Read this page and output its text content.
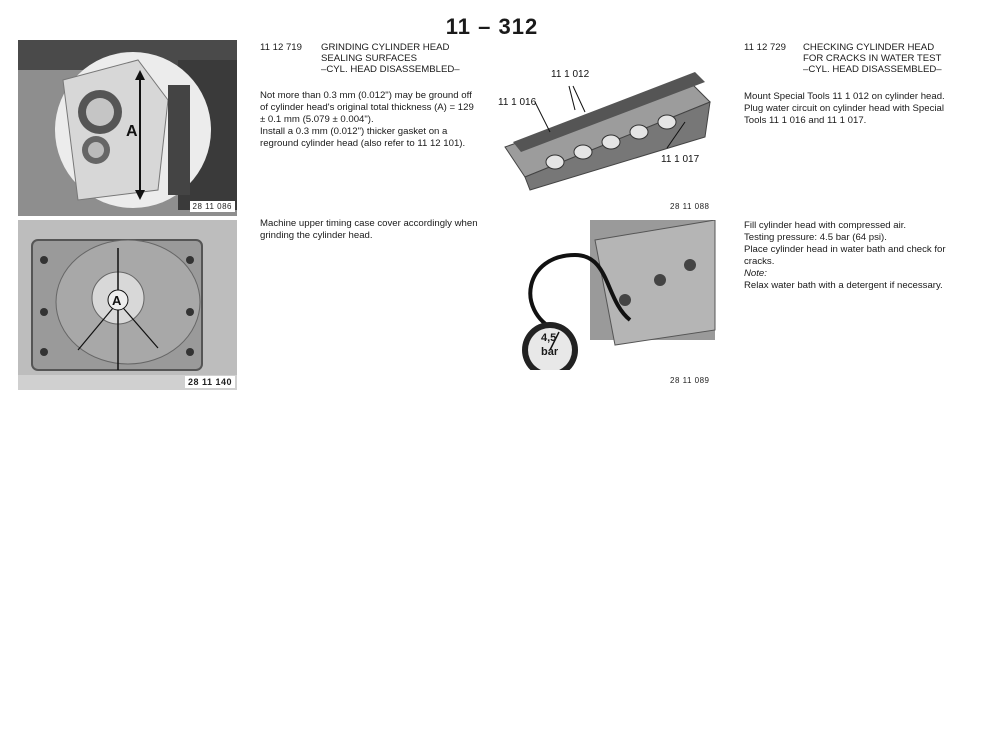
11 – 312
A
28 11 086
A
28 11 140
11 12 719 GRINDING CYLINDER HEAD
SEALING SURFACES
–CYL. HEAD DISASSEMBLED–

Not more than 0.3 mm (0.012") may be ground off of cylinder head's original total thickness (A) = 129 ± 0.1 mm (5.079 ± 0.004").

Install a 0.3 mm (0.012") thicker gasket on a reground cylinder head (also refer to 11 12 101).

Machine upper timing case cover accordingly when grinding the cylinder head.

11 1 012
11 1 016
11 1 017
28 11 088
4,5
bar
28 11 089
11 12 729 CHECKING CYLINDER HEAD
FOR CRACKS IN WATER TEST
–CYL. HEAD DISASSEMBLED–

Mount Special Tools 11 1 012 on cylinder head.

Plug water circuit on cylinder head with Special Tools 11 1 016 and 11 1 017.

Fill cylinder head with compressed air.

Testing pressure: 4.5 bar (64 psi).

Place cylinder head in water bath and check for cracks.

Note:

Relax water bath with a detergent if necessary.
